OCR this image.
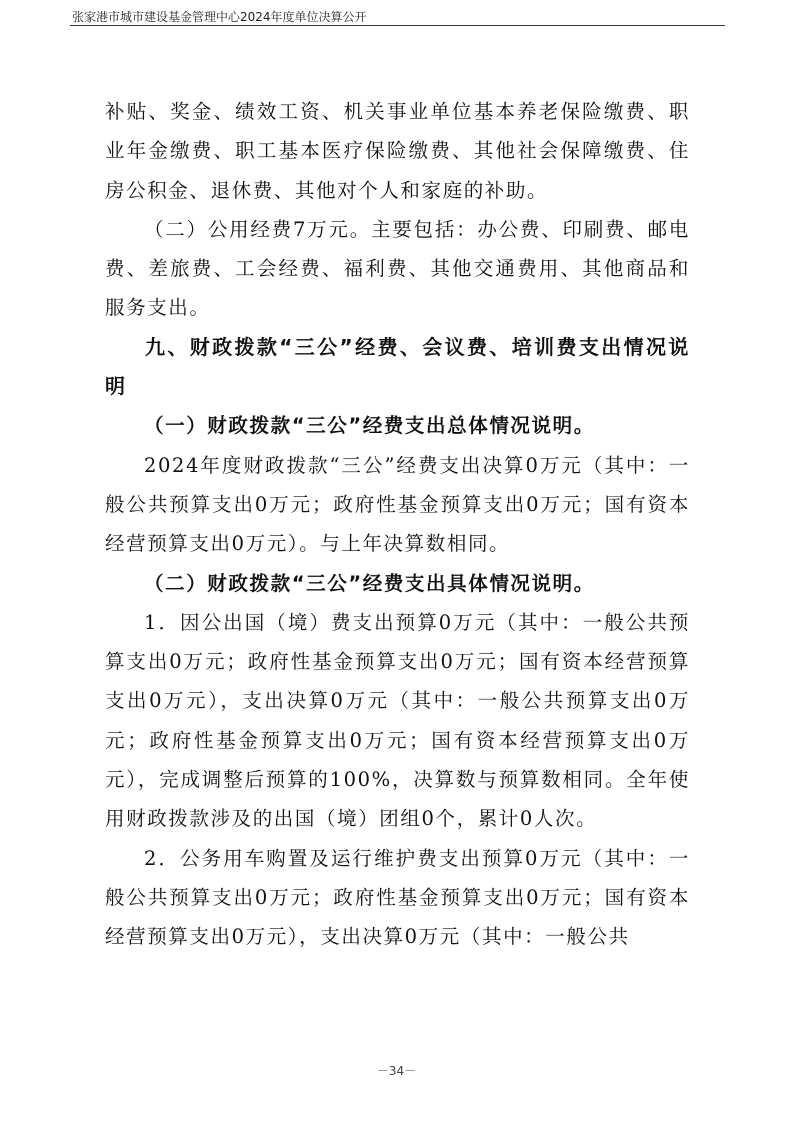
张家港市城市建设基金管理中心2024年度单位决算公开

补贴、奖金、绩效工资、机关事业单位基本养老保险缴费、职业年金缴费、职工基本医疗保险缴费、其他社会保障缴费、住房公积金、退休费、其他对个人和家庭的补助。

（二）公用经费7万元。主要包括：办公费、印刷费、邮电费、差旅费、工会经费、福利费、其他交通费用、其他商品和服务支出。

九、财政拨款“三公”经费、会议费、培训费支出情况说明

（一）财政拨款“三公”经费支出总体情况说明。

2024年度财政拨款“三公”经费支出决算0万元（其中：一般公共预算支出0万元；政府性基金预算支出0万元；国有资本经营预算支出0万元）。与上年决算数相同。

（二）财政拨款“三公”经费支出具体情况说明。

1．因公出国（境）费支出预算0万元（其中：一般公共预算支出0万元；政府性基金预算支出0万元；国有资本经营预算支出0万元），支出决算0万元（其中：一般公共预算支出0万元；政府性基金预算支出0万元；国有资本经营预算支出0万元），完成调整后预算的100%，决算数与预算数相同。全年使用财政拨款涉及的出国（境）团组0个，累计0人次。

2．公务用车购置及运行维护费支出预算0万元（其中：一般公共预算支出0万元；政府性基金预算支出0万元；国有资本经营预算支出0万元），支出决算0万元（其中：一般公共

－34－
